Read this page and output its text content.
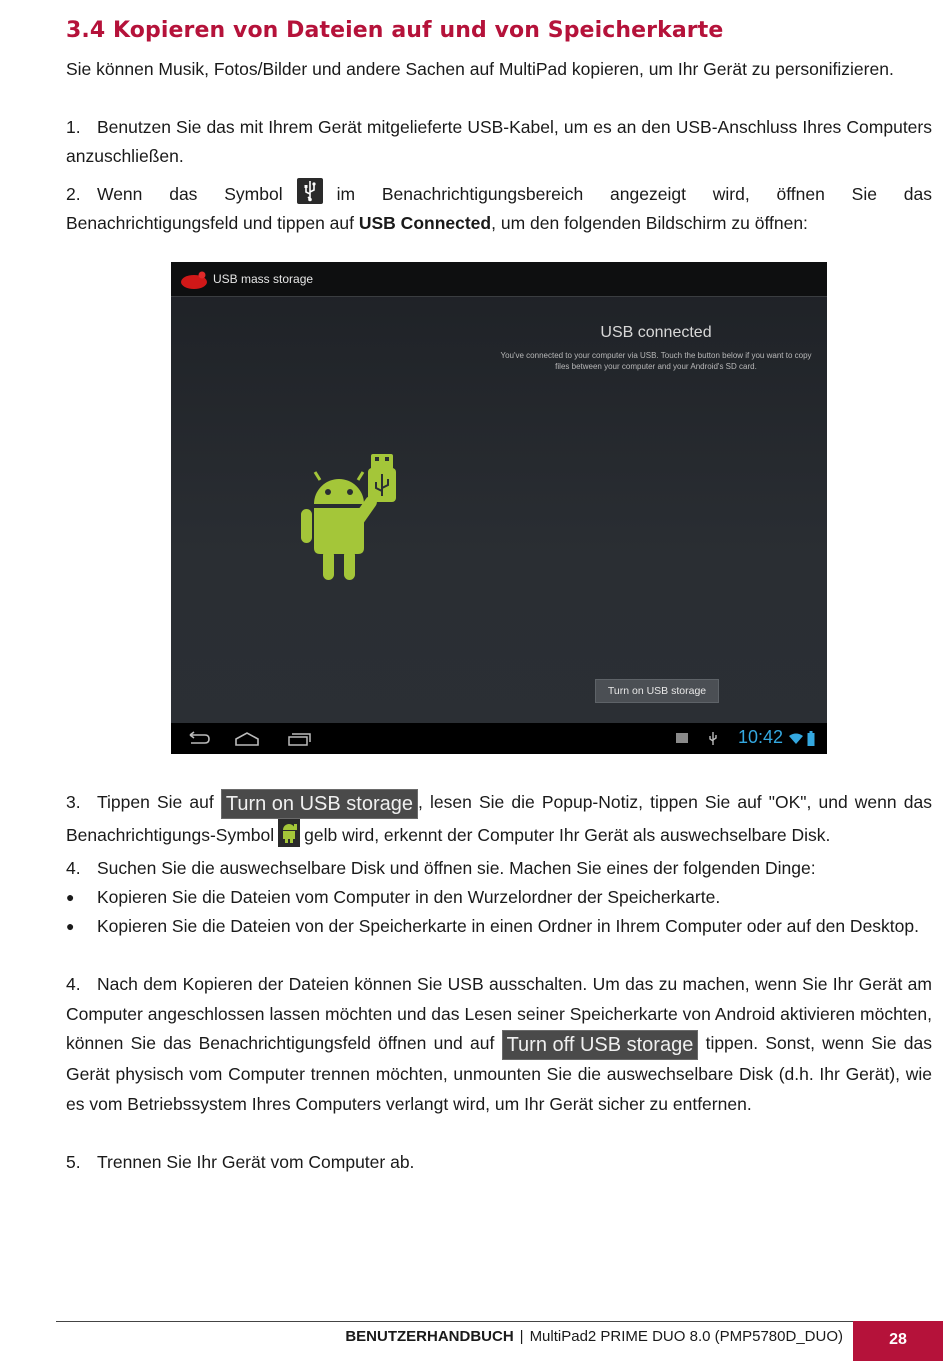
3.4 Kopieren von Dateien auf und von Speicherkarte

Sie können Musik, Fotos/Bilder und andere Sachen auf MultiPad kopieren, um Ihr Gerät zu personifizieren.

1. Benutzen Sie das mit Ihrem Gerät mitgelieferte USB-Kabel, um es an den USB-Anschluss Ihres Computers anzuschließen.

2. Wenn das Symbol	im Benachrichtigungsbereich angezeigt wird, öffnen Sie das Benachrichtigungsfeld und tippen auf USB Connected, um den folgenden Bildschirm zu öffnen:

USB mass storage
USB connected
You've connected to your computer via USB. Touch the button below if you want to copy files between your computer and your Android's SD card.
Turn on USB storage
10:42

3. Tippen Sie auf Turn on USB storage , lesen Sie die Popup-Notiz, tippen Sie auf "OK", und wenn das Benachrichtigungs-Symbol gelb wird, erkennt der Computer Ihr Gerät als auswechselbare Disk.

4. Suchen Sie die auswechselbare Disk und öffnen sie. Machen Sie eines der folgenden Dinge:

● Kopieren Sie die Dateien vom Computer in den Wurzelordner der Speicherkarte.

● Kopieren Sie die Dateien von der Speicherkarte in einen Ordner in Ihrem Computer oder auf den Desktop.

4. Nach dem Kopieren der Dateien können Sie USB ausschalten. Um das zu machen, wenn Sie Ihr Gerät am Computer angeschlossen lassen möchten und das Lesen seiner Speicherkarte von Android aktivieren möchten, können Sie das Benachrichtigungsfeld öffnen und auf Turn off USB storage tippen. Sonst, wenn Sie das Gerät physisch vom Computer trennen möchten, unmounten Sie die auswechselbare Disk (d.h. Ihr Gerät), wie es vom Betriebssystem Ihres Computers verlangt wird, um Ihr Gerät sicher zu entfernen.

5. Trennen Sie Ihr Gerät vom Computer ab.

BENUTZERHANDBUCH | MultiPad2 PRIME DUO 8.0 (PMP5780D_DUO)	28
